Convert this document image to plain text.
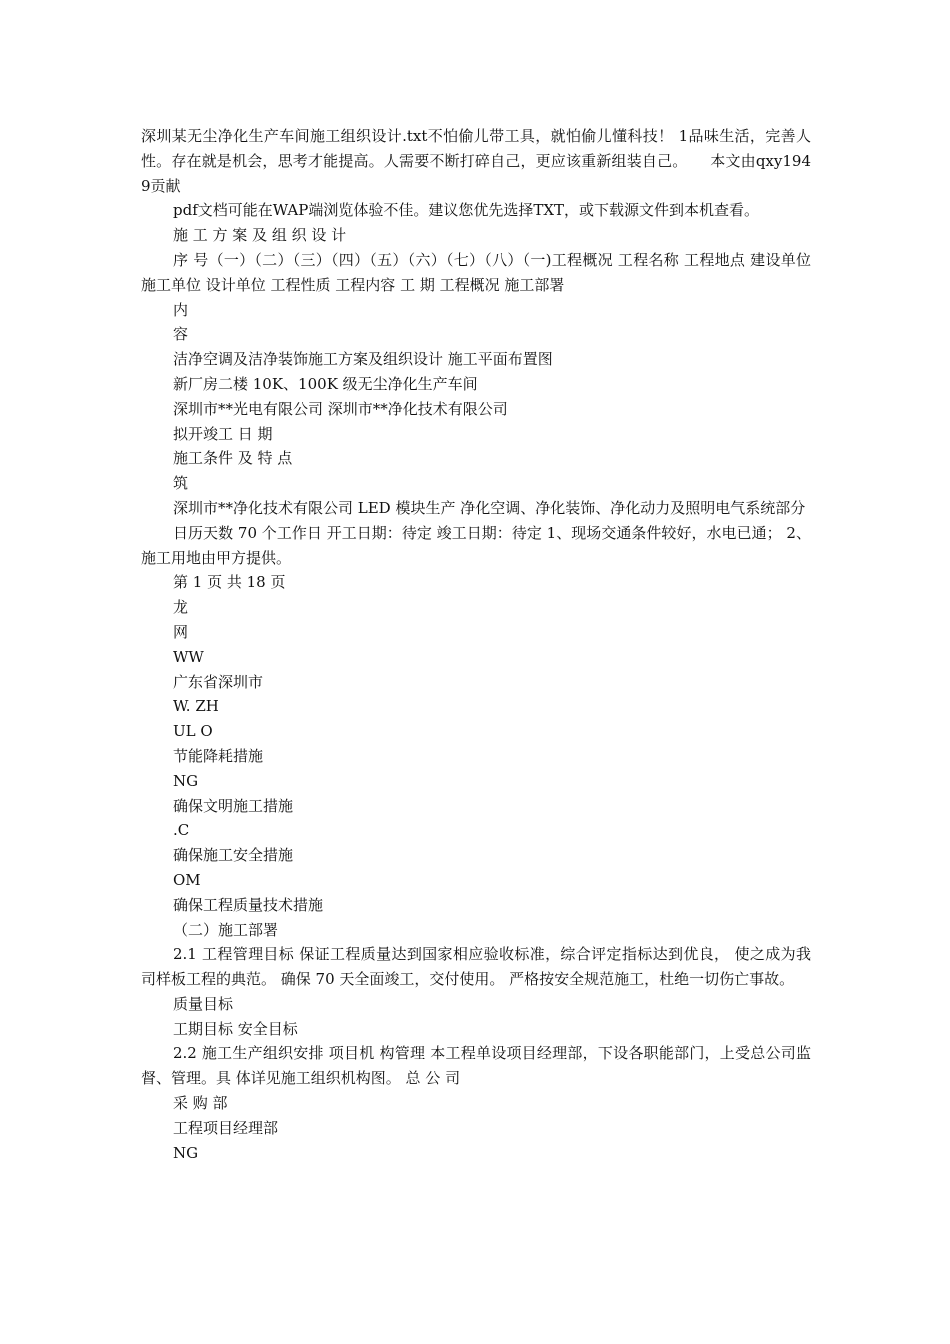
深圳某无尘净化生产车间施工组织设计.txt不怕偷儿带工具，就怕偷儿懂科技！ 1品味生活，完善人性。存在就是机会，思考才能提高。人需要不断打碎自己，更应该重新组装自己。　　本文由qxy1949贡献

pdf文档可能在WAP端浏览体验不佳。建议您优先选择TXT，或下载源文件到本机查看。

施 工 方 案 及 组 织 设 计

序 号（一）（二）（三）（四）（五）（六）（七）（八）（一)工程概况 工程名称 工程地点 建设单位 施工单位 设计单位 工程性质 工程内容 工 期 工程概况 施工部署

内

容

洁净空调及洁净装饰施工方案及组织设计 施工平面布置图

新厂房二楼 10K、100K 级无尘净化生产车间

深圳市**光电有限公司 深圳市**净化技术有限公司

拟开竣工 日 期

施工条件 及 特 点

筑

深圳市**净化技术有限公司 LED 模块生产 净化空调、净化装饰、净化动力及照明电气系统部分

日历天数 70 个工作日 开工日期：待定 竣工日期：待定 1、现场交通条件较好，水电已通； 2、施工用地由甲方提供。

第 1 页 共 18 页

龙

网

WW

广东省深圳市

W. ZH

UL O

节能降耗措施

NG

确保文明施工措施

.C

确保施工安全措施

OM

确保工程质量技术措施

（二）施工部署

2.1 工程管理目标 保证工程质量达到国家相应验收标准，综合评定指标达到优良， 使之成为我司样板工程的典范。 确保 70 天全面竣工，交付使用。 严格按安全规范施工，杜绝一切伤亡事故。

质量目标

工期目标 安全目标

2.2 施工生产组织安排 项目机 构管理 本工程单设项目经理部，下设各职能部门，上受总公司监督、管理。具 体详见施工组织机构图。 总 公 司

采 购 部

工程项目经理部

NG
